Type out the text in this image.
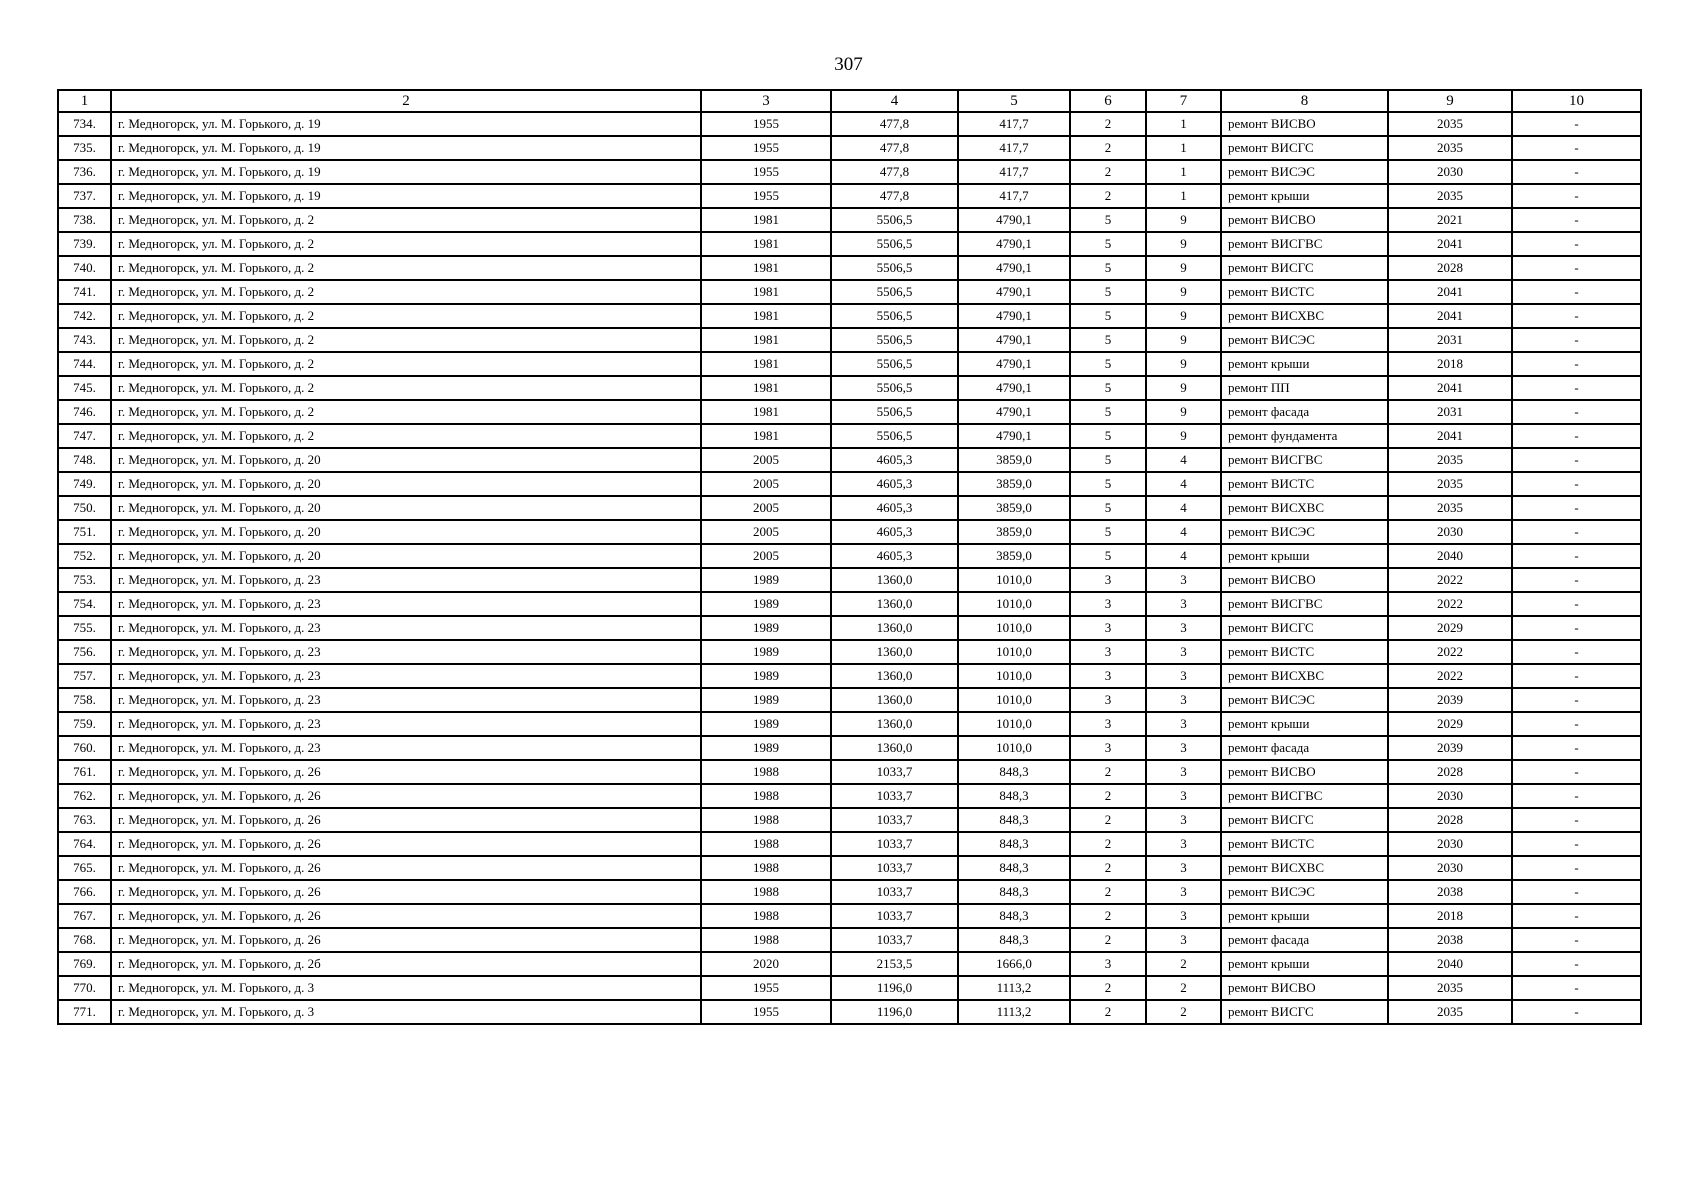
307
1	2	3	4	5	6	7	8	9	10
734.	г. Медногорск, ул. М. Горького, д. 19	1955	477,8	417,7	2	1	ремонт ВИСВО	2035	-
735.	г. Медногорск, ул. М. Горького, д. 19	1955	477,8	417,7	2	1	ремонт ВИСГС	2035	-
736.	г. Медногорск, ул. М. Горького, д. 19	1955	477,8	417,7	2	1	ремонт ВИСЭС	2030	-
737.	г. Медногорск, ул. М. Горького, д. 19	1955	477,8	417,7	2	1	ремонт крыши	2035	-
738.	г. Медногорск, ул. М. Горького, д. 2	1981	5506,5	4790,1	5	9	ремонт ВИСВО	2021	-
739.	г. Медногорск, ул. М. Горького, д. 2	1981	5506,5	4790,1	5	9	ремонт ВИСГВС	2041	-
740.	г. Медногорск, ул. М. Горького, д. 2	1981	5506,5	4790,1	5	9	ремонт ВИСГС	2028	-
741.	г. Медногорск, ул. М. Горького, д. 2	1981	5506,5	4790,1	5	9	ремонт ВИСТС	2041	-
742.	г. Медногорск, ул. М. Горького, д. 2	1981	5506,5	4790,1	5	9	ремонт ВИСХВС	2041	-
743.	г. Медногорск, ул. М. Горького, д. 2	1981	5506,5	4790,1	5	9	ремонт ВИСЭС	2031	-
744.	г. Медногорск, ул. М. Горького, д. 2	1981	5506,5	4790,1	5	9	ремонт крыши	2018	-
745.	г. Медногорск, ул. М. Горького, д. 2	1981	5506,5	4790,1	5	9	ремонт ПП	2041	-
746.	г. Медногорск, ул. М. Горького, д. 2	1981	5506,5	4790,1	5	9	ремонт фасада	2031	-
747.	г. Медногорск, ул. М. Горького, д. 2	1981	5506,5	4790,1	5	9	ремонт фундамента	2041	-
748.	г. Медногорск, ул. М. Горького, д. 20	2005	4605,3	3859,0	5	4	ремонт ВИСГВС	2035	-
749.	г. Медногорск, ул. М. Горького, д. 20	2005	4605,3	3859,0	5	4	ремонт ВИСТС	2035	-
750.	г. Медногорск, ул. М. Горького, д. 20	2005	4605,3	3859,0	5	4	ремонт ВИСХВС	2035	-
751.	г. Медногорск, ул. М. Горького, д. 20	2005	4605,3	3859,0	5	4	ремонт ВИСЭС	2030	-
752.	г. Медногорск, ул. М. Горького, д. 20	2005	4605,3	3859,0	5	4	ремонт крыши	2040	-
753.	г. Медногорск, ул. М. Горького, д. 23	1989	1360,0	1010,0	3	3	ремонт ВИСВО	2022	-
754.	г. Медногорск, ул. М. Горького, д. 23	1989	1360,0	1010,0	3	3	ремонт ВИСГВС	2022	-
755.	г. Медногорск, ул. М. Горького, д. 23	1989	1360,0	1010,0	3	3	ремонт ВИСГС	2029	-
756.	г. Медногорск, ул. М. Горького, д. 23	1989	1360,0	1010,0	3	3	ремонт ВИСТС	2022	-
757.	г. Медногорск, ул. М. Горького, д. 23	1989	1360,0	1010,0	3	3	ремонт ВИСХВС	2022	-
758.	г. Медногорск, ул. М. Горького, д. 23	1989	1360,0	1010,0	3	3	ремонт ВИСЭС	2039	-
759.	г. Медногорск, ул. М. Горького, д. 23	1989	1360,0	1010,0	3	3	ремонт крыши	2029	-
760.	г. Медногорск, ул. М. Горького, д. 23	1989	1360,0	1010,0	3	3	ремонт фасада	2039	-
761.	г. Медногорск, ул. М. Горького, д. 26	1988	1033,7	848,3	2	3	ремонт ВИСВО	2028	-
762.	г. Медногорск, ул. М. Горького, д. 26	1988	1033,7	848,3	2	3	ремонт ВИСГВС	2030	-
763.	г. Медногорск, ул. М. Горького, д. 26	1988	1033,7	848,3	2	3	ремонт ВИСГС	2028	-
764.	г. Медногорск, ул. М. Горького, д. 26	1988	1033,7	848,3	2	3	ремонт ВИСТС	2030	-
765.	г. Медногорск, ул. М. Горького, д. 26	1988	1033,7	848,3	2	3	ремонт ВИСХВС	2030	-
766.	г. Медногорск, ул. М. Горького, д. 26	1988	1033,7	848,3	2	3	ремонт ВИСЭС	2038	-
767.	г. Медногорск, ул. М. Горького, д. 26	1988	1033,7	848,3	2	3	ремонт крыши	2018	-
768.	г. Медногорск, ул. М. Горького, д. 26	1988	1033,7	848,3	2	3	ремонт фасада	2038	-
769.	г. Медногорск, ул. М. Горького, д. 2б	2020	2153,5	1666,0	3	2	ремонт крыши	2040	-
770.	г. Медногорск, ул. М. Горького, д. 3	1955	1196,0	1113,2	2	2	ремонт ВИСВО	2035	-
771.	г. Медногорск, ул. М. Горького, д. 3	1955	1196,0	1113,2	2	2	ремонт ВИСГС	2035	-
